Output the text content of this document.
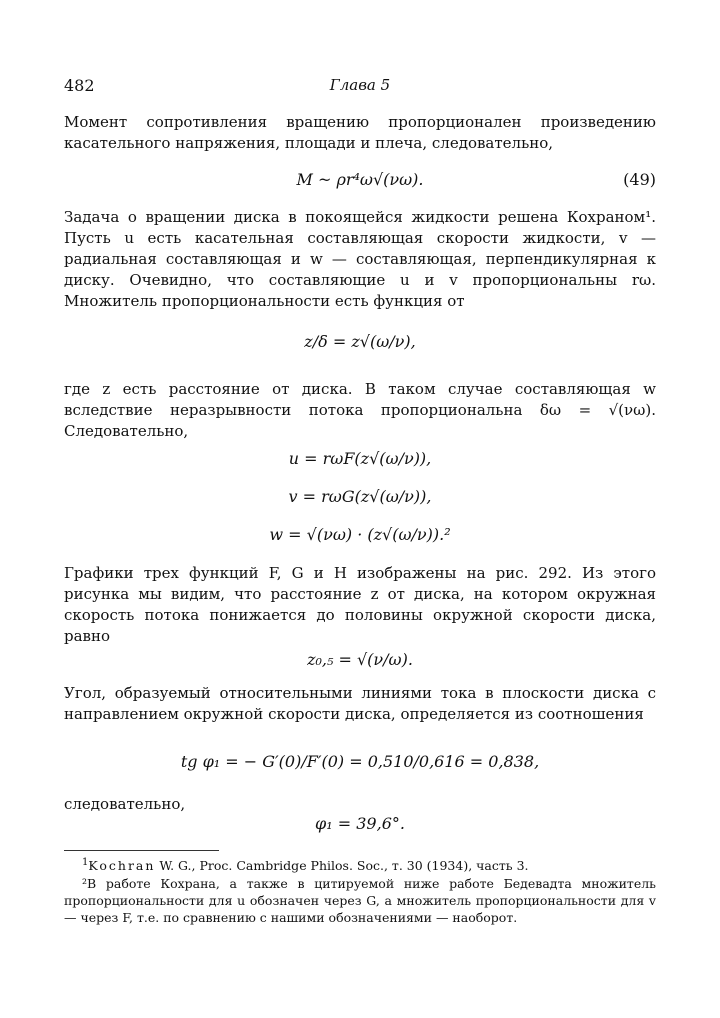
482	Глава 5
Момент сопротивления вращению пропорционален произведению касательного напряжения, площади и плеча, следовательно,
M ~ ρr⁴ω√(νω).	(49)
Задача о вращении диска в покоящейся жидкости решена Кохраном¹. Пусть u есть касательная составляющая скорости жидкости, v — радиальная составляющая и w — составляющая, перпендикулярная к диску. Очевидно, что составляющие u и v пропорциональны rω. Множитель пропорциональности есть функция от
z/δ = z√(ω/ν),
где z есть расстояние от диска. В таком случае составляющая w вследствие неразрывности потока пропорциональна δω = √(νω). Следовательно,
u = rωF(z√(ω/ν)),
v = rωG(z√(ω/ν)),
w = √(νω) · (z√(ω/ν)).²
Графики трех функций F, G и H изображены на рис. 292. Из этого рисунка мы видим, что расстояние z от диска, на котором окружная скорость потока понижается до половины окружной скорости диска, равно
z₀,₅ = √(ν/ω).
Угол, образуемый относительными линиями тока в плоскости диска с направлением окружной скорости диска, определяется из соотношения
tg φ₁ = − G′(0)/F′(0) = 0,510/0,616 = 0,838,
следовательно,
φ₁ = 39,6°.
$^1$Kochran W. G., Proc. Cambridge Philos. Soc., т. 30 (1934), часть 3.
²В работе Кохрана, а также в цитируемой ниже работе Бедевадта множитель пропорциональности для u обозначен через G, а множитель пропорциональности для v — через F, т.е. по сравнению с нашими обозначениями — наоборот.
